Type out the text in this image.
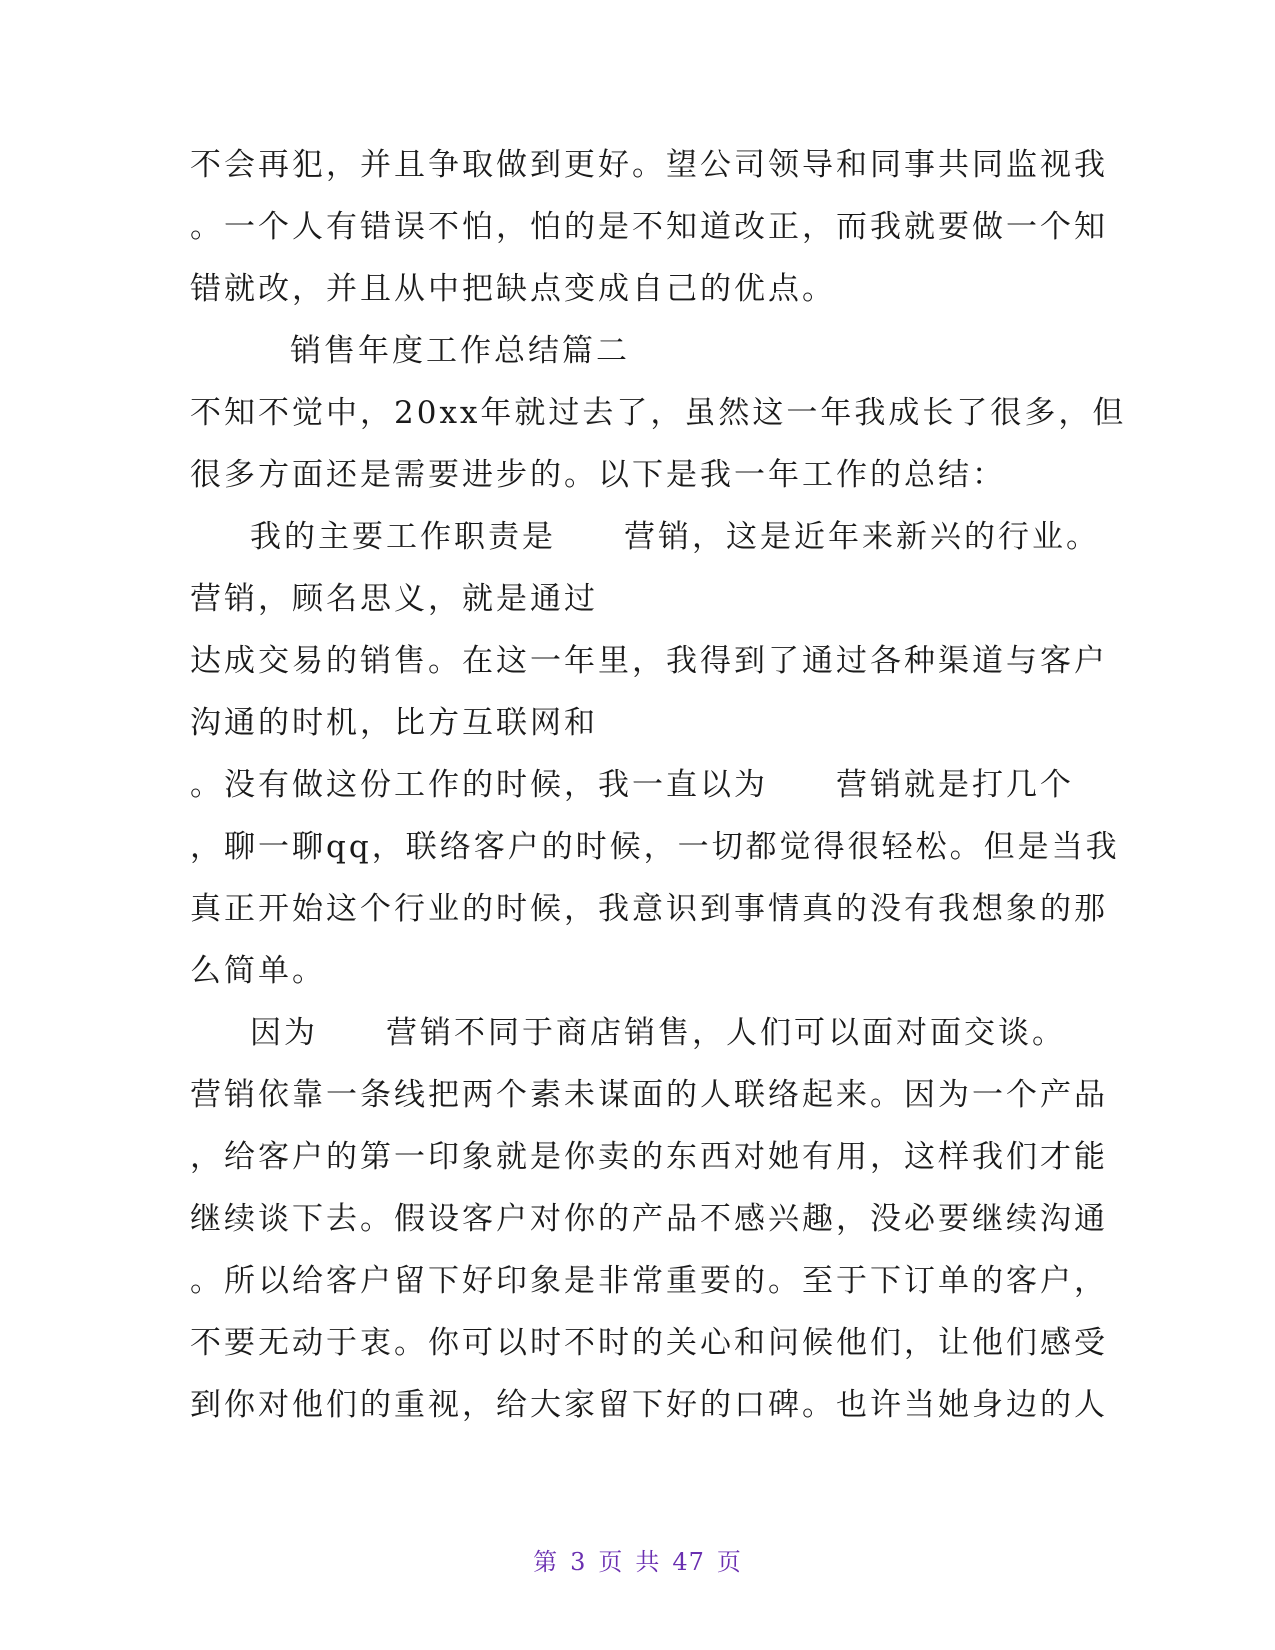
不会再犯，并且争取做到更好。望公司领导和同事共同监视我
。一个人有错误不怕，怕的是不知道改正，而我就要做一个知
错就改，并且从中把缺点变成自己的优点。
销售年度工作总结篇二
不知不觉中，20xx年就过去了，虽然这一年我成长了很多，但
很多方面还是需要进步的。以下是我一年工作的总结：
我的主要工作职责是　　营销，这是近年来新兴的行业。
营销，顾名思义，就是通过
达成交易的销售。在这一年里，我得到了通过各种渠道与客户
沟通的时机，比方互联网和
。没有做这份工作的时候，我一直以为　　营销就是打几个
，聊一聊qq，联络客户的时候，一切都觉得很轻松。但是当我
真正开始这个行业的时候，我意识到事情真的没有我想象的那
么简单。
因为　　营销不同于商店销售，人们可以面对面交谈。
营销依靠一条线把两个素未谋面的人联络起来。因为一个产品
，给客户的第一印象就是你卖的东西对她有用，这样我们才能
继续谈下去。假设客户对你的产品不感兴趣，没必要继续沟通
。所以给客户留下好印象是非常重要的。至于下订单的客户，
不要无动于衷。你可以时不时的关心和问候他们，让他们感受
到你对他们的重视，给大家留下好的口碑。也许当她身边的人
第 3 页 共 47 页
